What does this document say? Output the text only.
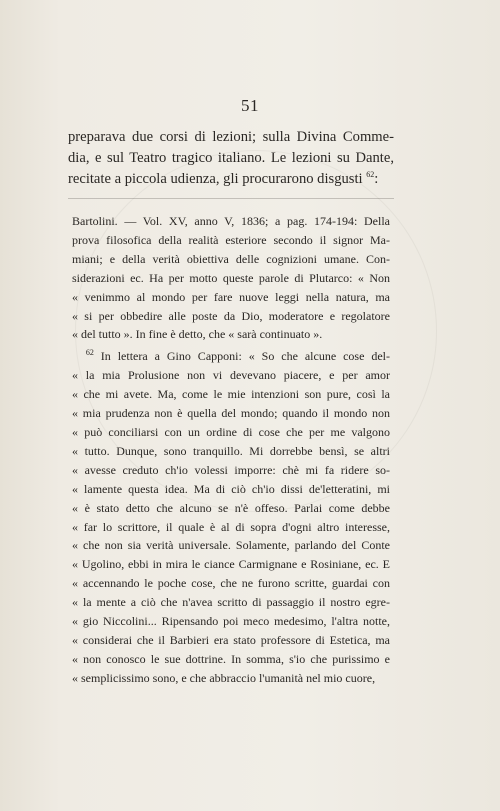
51
preparava due corsi di lezioni; sulla Divina Comme-
dia, e sul Teatro tragico italiano. Le lezioni su Dante,
recitate a piccola udienza, gli procurarono disgusti $^{62}$:
Bartolini. — Vol. XV, anno V, 1836; a pag. 174-194: Della
prova filosofica della realità esteriore secondo il signor Ma-
miani; e della verità obiettiva delle cognizioni umane. Con-
siderazioni ec. Ha per motto queste parole di Plutarco: « Non
« venimmo al mondo per fare nuove leggi nella natura, ma
« si per obbedire alle poste da Dio, moderatore e regolatore
« del tutto ». In fine è detto, che « sarà continuato ».
$^{62}$ In lettera a Gino Capponi: « So che alcune cose del-
« la mia Prolusione non vi devevano piacere, e per amor
« che mi avete. Ma, come le mie intenzioni son pure, così la
« mia prudenza non è quella del mondo; quando il mondo non
« può conciliarsi con un ordine di cose che per me valgono
« tutto. Dunque, sono tranquillo. Mi dorrebbe bensì, se altri
« avesse creduto ch'io volessi imporre: chè mi fa ridere so-
« lamente questa idea. Ma di ciò ch'io dissi de'letteratini, mi
« è stato detto che alcuno se n'è offeso. Parlai come debbe
« far lo scrittore, il quale è al di sopra d'ogni altro interesse,
« che non sia verità universale. Solamente, parlando del Conte
« Ugolino, ebbi in mira le ciance Carmignane e Rosiniane, ec. E
« accennando le poche cose, che ne furono scritte, guardai con
« la mente a ciò che n'avea scritto di passaggio il nostro egre-
« gio Niccolini... Ripensando poi meco medesimo, l'altra notte,
« considerai che il Barbieri era stato professore di Estetica, ma
« non conosco le sue dottrine. In somma, s'io che purissimo e
« semplicissimo sono, e che abbraccio l'umanità nel mio cuore,
